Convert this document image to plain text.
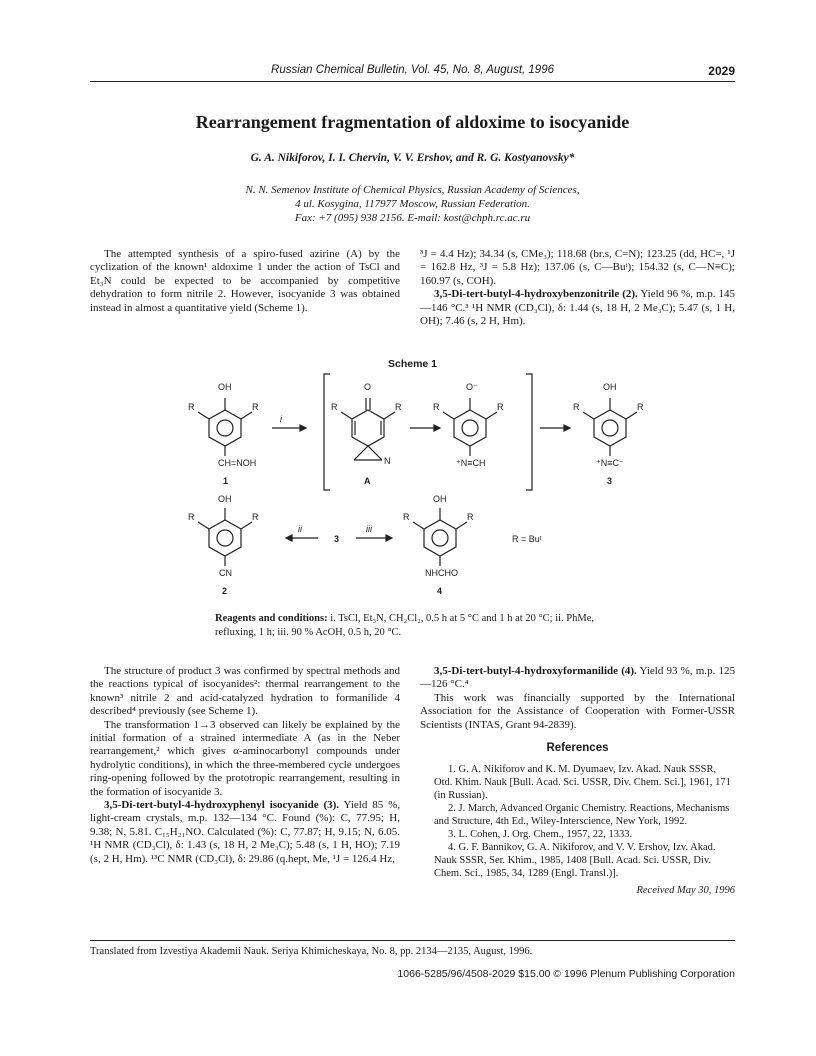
Russian Chemical Bulletin, Vol. 45, No. 8, August, 1996	2029
Rearrangement fragmentation of aldoxime to isocyanide
G. A. Nikiforov, I. I. Chervin, V. V. Ershov, and R. G. Kostyanovsky*
N. N. Semenov Institute of Chemical Physics, Russian Academy of Sciences,
4 ul. Kosygina, 117977 Moscow, Russian Federation.
Fax: +7 (095) 938 2156. E-mail: kost@chph.rc.ac.ru

The attempted synthesis of a spiro-fused azirine (A) by the cyclization of the known¹ aldoxime 1 under the action of TsCl and Et₃N could be expected to be accompanied by competitive dehydration to form nitrile 2. However, isocyanide 3 was obtained instead in almost a quantitative yield (Scheme 1).

³J = 4.4 Hz); 34.34 (s, CMe₃); 118.68 (br.s, C=N); 123.25 (dd, HC=, ¹J = 162.8 Hz, ³J = 5.8 Hz); 137.06 (s, C—Buᵗ); 154.32 (s, C—N≡C); 160.97 (s, COH).

3,5-Di-tert-butyl-4-hydroxybenzonitrile (2). Yield 96 %, m.p. 145—146 °C.³ ¹H NMR (CD₃Cl), δ: 1.44 (s, 18 H, 2 Me₃C); 5.47 (s, 1 H, OH); 7.46 (s, 2 H, Hm).

Scheme 1
OH
R	R
CH=NOH
1
i
O
R	R
N
A
O⁻
R	R
⁺N≡CH
OH
R	R
⁺N≡C⁻
3
OH
R	R
CN
2
ii
3
iii
OH
R	R
NHCHO
4
R = Buᵗ
Reagents and conditions: i. TsCl, Et₃N, CH₂Cl₂, 0.5 h at 5 °C and 1 h at 20 °C; ii. PhMe, refluxing, 1 h; iii. 90 % AcOH, 0.5 h, 20 °C.

The structure of product 3 was confirmed by spectral methods and the reactions typical of isocyanides²: thermal rearrangement to the known³ nitrile 2 and acid-catalyzed hydration to formanilide 4 described⁴ previously (see Scheme 1).

The transformation 1→3 observed can likely be explained by the initial formation of a strained intermediate A (as in the Neber rearrangement,² which gives α-aminocarbonyl compounds under hydrolytic conditions), in which the three-membered cycle undergoes ring-opening followed by the prototropic rearrangement, resulting in the formation of isocyanide 3.

3,5-Di-tert-butyl-4-hydroxyphenyl isocyanide (3). Yield 85 %, light-cream crystals, m.p. 132—134 °C. Found (%): C, 77.95; H, 9.38; N, 5.81. C₁₅H₂₁NO. Calculated (%): C, 77.87; H, 9.15; N, 6.05. ¹H NMR (CD₃Cl), δ: 1.43 (s, 18 H, 2 Me₃C); 5.48 (s, 1 H, HO); 7.19 (s, 2 H, Hm). ¹³C NMR (CD₃Cl), δ: 29.86 (q.hept, Me, ¹J = 126.4 Hz,

3,5-Di-tert-butyl-4-hydroxyformanilide (4). Yield 93 %, m.p. 125—126 °C.⁴

This work was financially supported by the International Association for the Assistance of Cooperation with Former-USSR Scientists (INTAS, Grant 94-2839).

References

1. G. A. Nikiforov and K. M. Dyumaev, Izv. Akad. Nauk SSSR, Otd. Khim. Nauk [Bull. Acad. Sci. USSR, Div. Chem. Sci.], 1961, 171 (in Russian).

2. J. March, Advanced Organic Chemistry. Reactions, Mechanisms and Structure, 4th Ed., Wiley-Interscience, New York, 1992.

3. L. Cohen, J. Org. Chem., 1957, 22, 1333.

4. G. F. Bannikov, G. A. Nikiforov, and V. V. Ershov, Izv. Akad. Nauk SSSR, Ser. Khim., 1985, 1408 [Bull. Acad. Sci. USSR, Div. Chem. Sci., 1985, 34, 1289 (Engl. Transl.)].

Received May 30, 1996
Translated from Izvestiya Akademii Nauk. Seriya Khimicheskaya, No. 8, pp. 2134—2135, August, 1996.
1066-5285/96/4508-2029 $15.00 © 1996 Plenum Publishing Corporation
